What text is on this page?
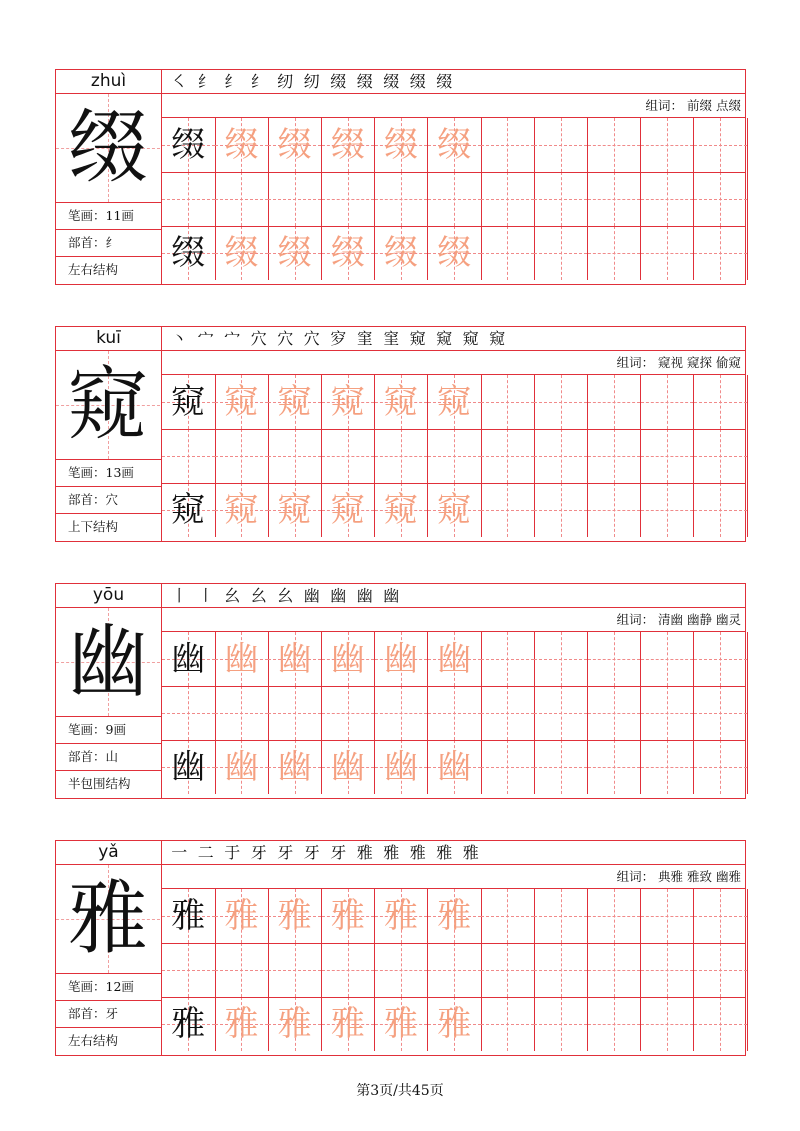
zhuì
缀
笔画：11画
部首：纟
左右结构
㇛ 纟 纟 纟 纫 纫 缀 缀 缀 缀 缀
组词： 前缀 点缀
缀 缀 缀 缀 缀 缀
缀 缀 缀 缀 缀 缀
kuī
窥
笔画：13画
部首：穴
上下结构
丶 宀 宀 穴 穴 穴 穸 窐 窐 窥 窥 窥 窥
组词： 窥视 窥探 偷窥
窥 窥 窥 窥 窥 窥
窥 窥 窥 窥 窥 窥
yōu
幽
笔画：9画
部首：山
半包围结构
丨 ㇑ 幺 幺 幺 幽 幽 幽 幽
组词： 清幽 幽静 幽灵
幽 幽 幽 幽 幽 幽
幽 幽 幽 幽 幽 幽
yǎ
雅
笔画：12画
部首：牙
左右结构
一 二 于 牙 牙 牙 牙 雅 雅 雅 雅 雅
组词： 典雅 雅致 幽雅
雅 雅 雅 雅 雅 雅
雅 雅 雅 雅 雅 雅
第3页/共45页
